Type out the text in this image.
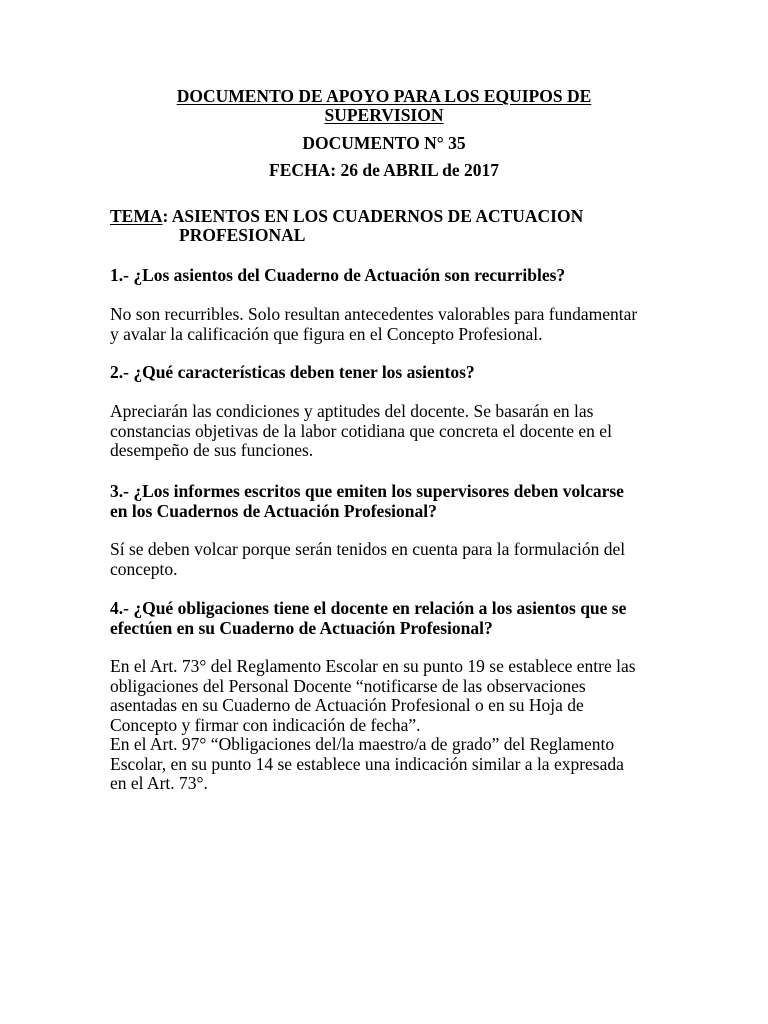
DOCUMENTO DE APOYO PARA LOS EQUIPOS DE
SUPERVISION

DOCUMENTO N° 35

FECHA: 26 de ABRIL de 2017

TEMA: ASIENTOS EN LOS CUADERNOS DE ACTUACION
PROFESIONAL

1.- ¿Los asientos del Cuaderno de Actuación son recurribles?

No son recurribles. Solo resultan antecedentes valorables para fundamentar
y avalar la calificación que figura en el Concepto Profesional.

2.- ¿Qué características deben tener los asientos?

Apreciarán las condiciones y aptitudes del docente. Se basarán en las
constancias objetivas de la labor cotidiana que concreta el docente en el
desempeño de sus funciones.

3.- ¿Los informes escritos que emiten los supervisores deben volcarse
en los Cuadernos de Actuación Profesional?

Sí se deben volcar porque serán tenidos en cuenta para la formulación del
concepto.

4.- ¿Qué obligaciones tiene el docente en relación a los asientos que se
efectúen en su Cuaderno de Actuación Profesional?

En el Art. 73° del Reglamento Escolar en su punto 19 se establece entre las
obligaciones del Personal Docente “notificarse de las observaciones
asentadas en su Cuaderno de Actuación Profesional o en su Hoja de
Concepto y firmar con indicación de fecha”.
En el Art. 97° “Obligaciones del/la maestro/a de grado” del Reglamento
Escolar, en su punto 14 se establece una indicación similar a la expresada
en el Art. 73°.
